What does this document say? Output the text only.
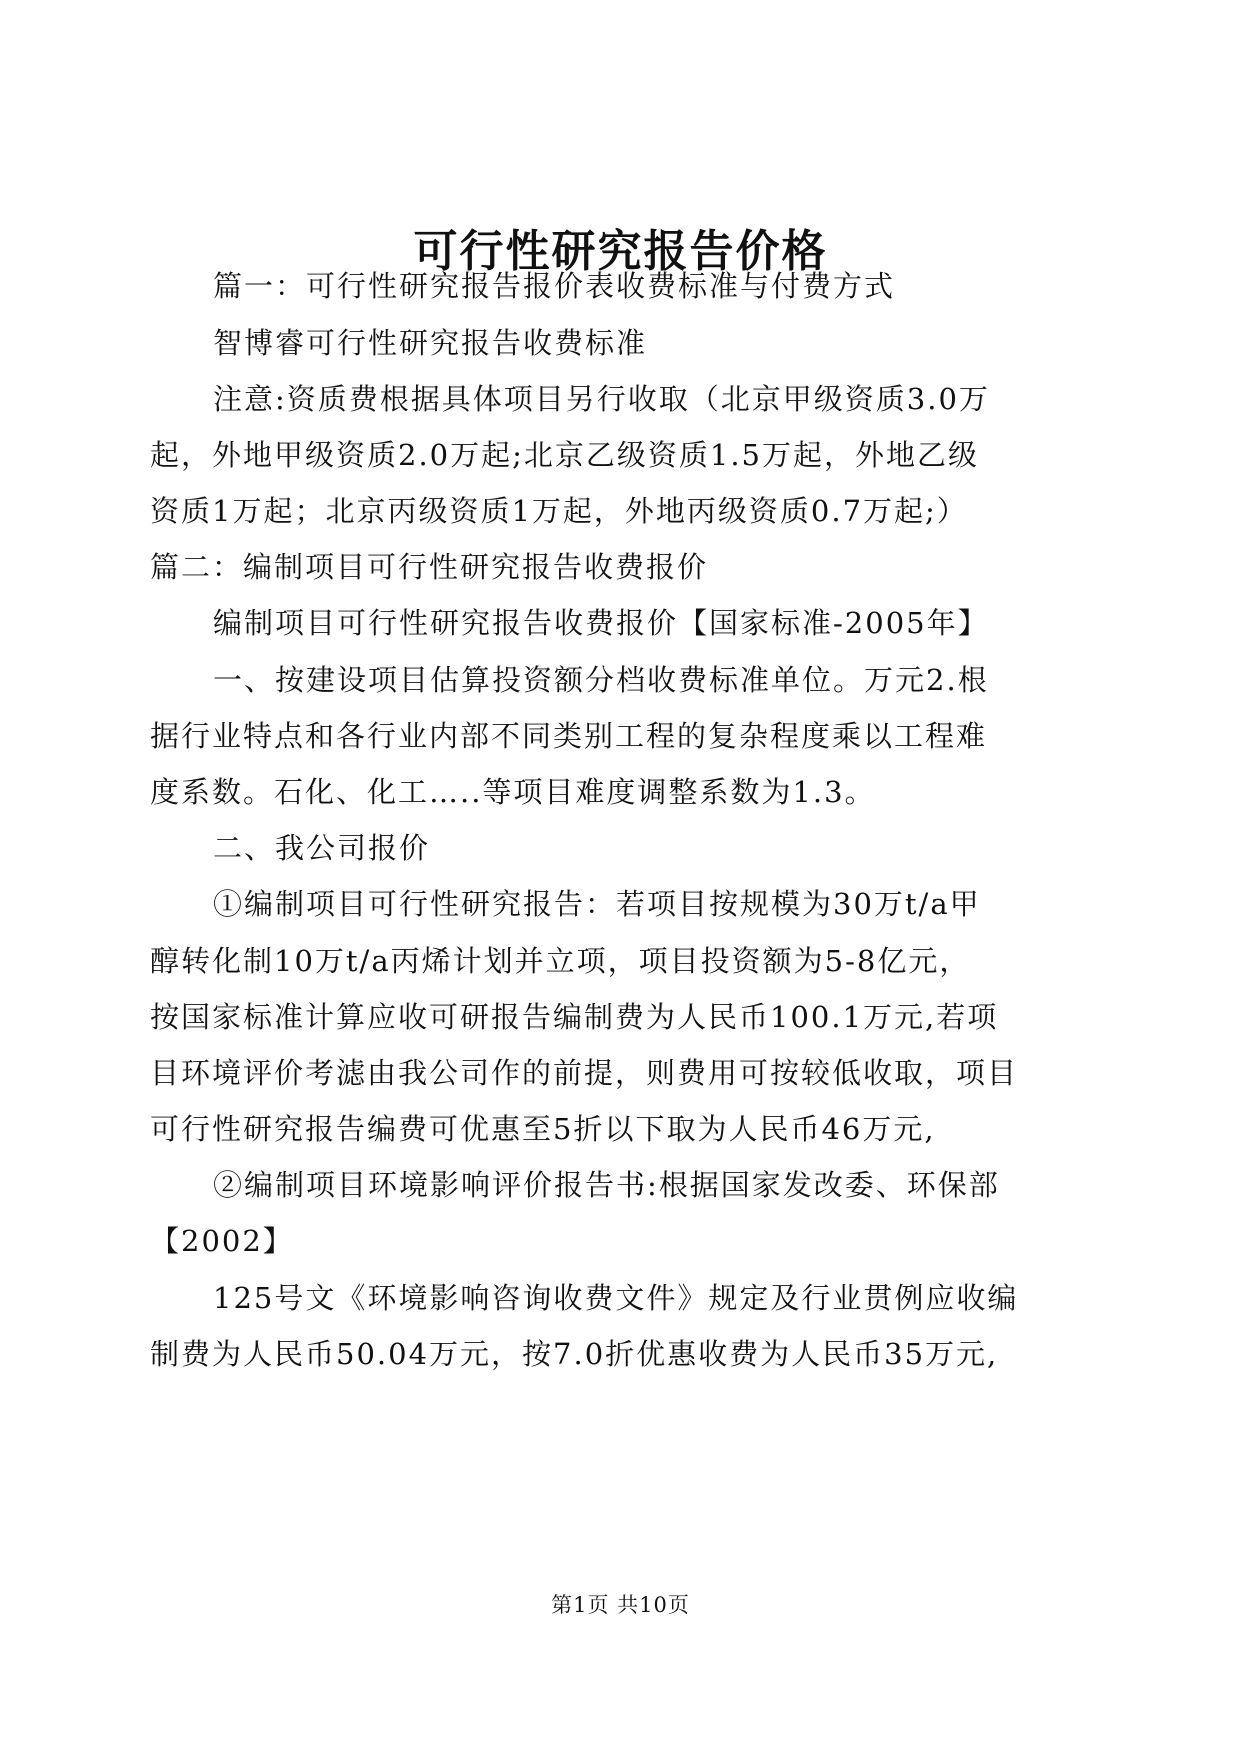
可行性研究报告价格
篇一：可行性研究报告报价表收费标准与付费方式
智博睿可行性研究报告收费标准
注意:资质费根据具体项目另行收取（北京甲级资质3.0万
起，外地甲级资质2.0万起;北京乙级资质1.5万起，外地乙级
资质1万起；北京丙级资质1万起，外地丙级资质0.7万起;）
篇二：编制项目可行性研究报告收费报价
编制项目可行性研究报告收费报价【国家标准-2005年】
一、按建设项目估算投资额分档收费标准单位。万元2.根
据行业特点和各行业内部不同类别工程的复杂程度乘以工程难
度系数。石化、化工…..等项目难度调整系数为1.3。
二、我公司报价
①编制项目可行性研究报告：若项目按规模为30万t/a甲
醇转化制10万t/a丙烯计划并立项，项目投资额为5-8亿元，
按国家标准计算应收可研报告编制费为人民币100.1万元,若项
目环境评价考滤由我公司作的前提，则费用可按较低收取，项目
可行性研究报告编费可优惠至5折以下取为人民币46万元,
②编制项目环境影响评价报告书:根据国家发改委、环保部
【2002】
125号文《环境影响咨询收费文件》规定及行业贯例应收编
制费为人民币50.04万元，按7.0折优惠收费为人民币35万元,
第1页 共10页
